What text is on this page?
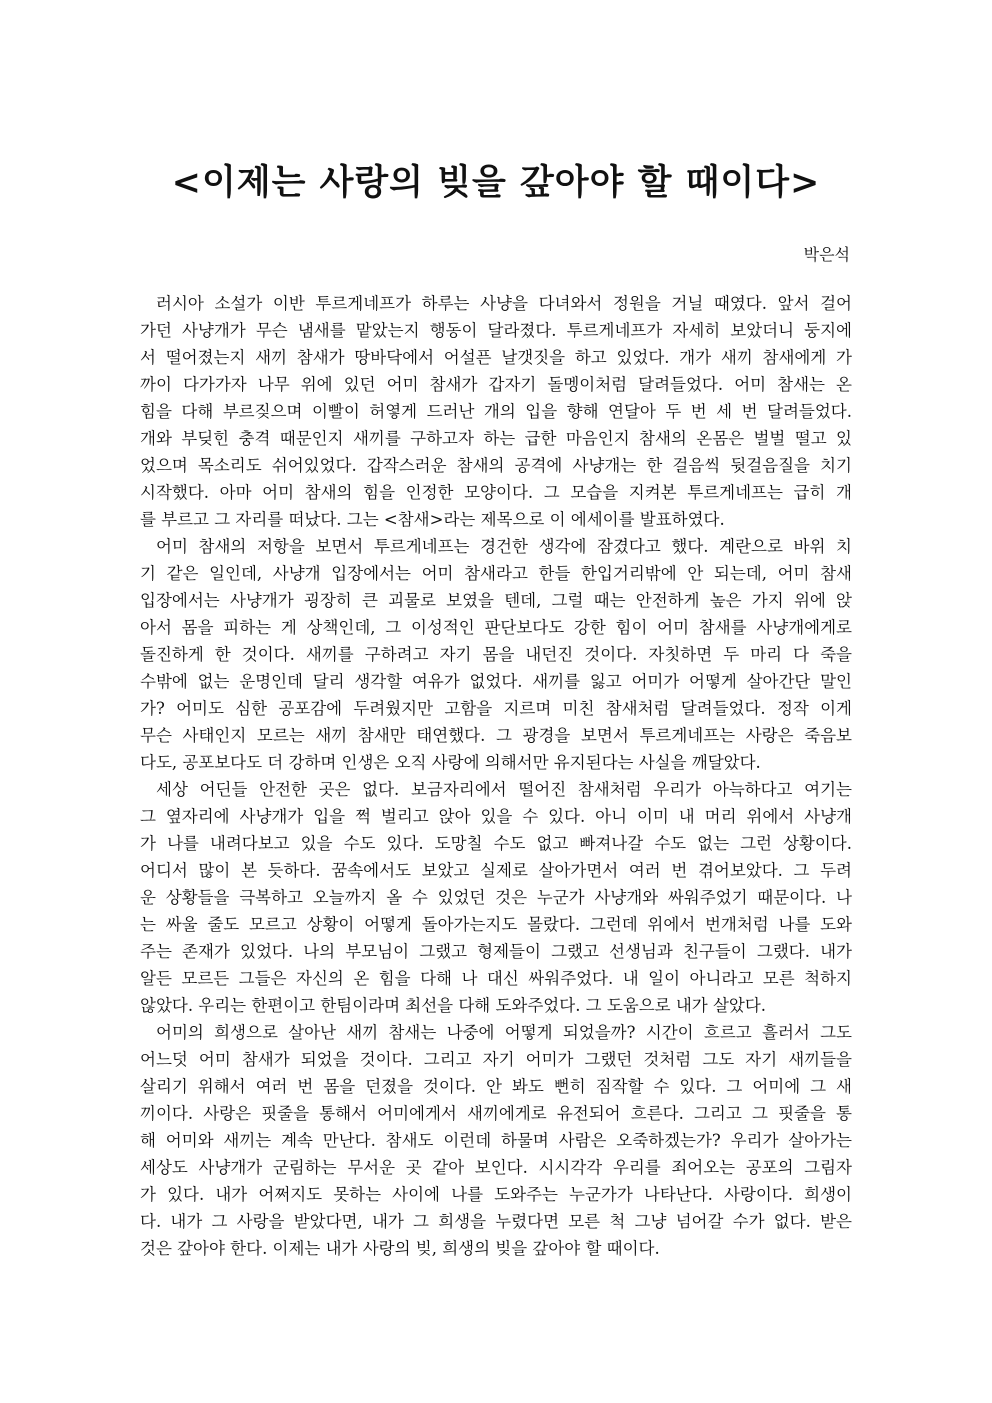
<이제는 사랑의 빚을 갚아야 할 때이다>
박은석
러시아 소설가 이반 투르게네프가 하루는 사냥을 다녀와서 정원을 거닐 때였다. 앞서 걸어
가던 사냥개가 무슨 냄새를 맡았는지 행동이 달라졌다. 투르게네프가 자세히 보았더니 둥지에
서 떨어졌는지 새끼 참새가 땅바닥에서 어설픈 날갯짓을 하고 있었다. 개가 새끼 참새에게 가
까이 다가가자 나무 위에 있던 어미 참새가 갑자기 돌멩이처럼 달려들었다. 어미 참새는 온
힘을 다해 부르짖으며 이빨이 허옇게 드러난 개의 입을 향해 연달아 두 번 세 번 달려들었다.
개와 부딪힌 충격 때문인지 새끼를 구하고자 하는 급한 마음인지 참새의 온몸은 벌벌 떨고 있
었으며 목소리도 쉬어있었다. 갑작스러운 참새의 공격에 사냥개는 한 걸음씩 뒷걸음질을 치기
시작했다. 아마 어미 참새의 힘을 인정한 모양이다. 그 모습을 지켜본 투르게네프는 급히 개
를 부르고 그 자리를 떠났다. 그는 <참새>라는 제목으로 이 에세이를 발표하였다.
어미 참새의 저항을 보면서 투르게네프는 경건한 생각에 잠겼다고 했다. 계란으로 바위 치
기 같은 일인데, 사냥개 입장에서는 어미 참새라고 한들 한입거리밖에 안 되는데, 어미 참새
입장에서는 사냥개가 굉장히 큰 괴물로 보였을 텐데, 그럴 때는 안전하게 높은 가지 위에 앉
아서 몸을 피하는 게 상책인데, 그 이성적인 판단보다도 강한 힘이 어미 참새를 사냥개에게로
돌진하게 한 것이다. 새끼를 구하려고 자기 몸을 내던진 것이다. 자칫하면 두 마리 다 죽을
수밖에 없는 운명인데 달리 생각할 여유가 없었다. 새끼를 잃고 어미가 어떻게 살아간단 말인
가? 어미도 심한 공포감에 두려웠지만 고함을 지르며 미친 참새처럼 달려들었다. 정작 이게
무슨 사태인지 모르는 새끼 참새만 태연했다. 그 광경을 보면서 투르게네프는 사랑은 죽음보
다도, 공포보다도 더 강하며 인생은 오직 사랑에 의해서만 유지된다는 사실을 깨달았다.
세상 어딘들 안전한 곳은 없다. 보금자리에서 떨어진 참새처럼 우리가 아늑하다고 여기는
그 옆자리에 사냥개가 입을 쩍 벌리고 앉아 있을 수 있다. 아니 이미 내 머리 위에서 사냥개
가 나를 내려다보고 있을 수도 있다. 도망칠 수도 없고 빠져나갈 수도 없는 그런 상황이다.
어디서 많이 본 듯하다. 꿈속에서도 보았고 실제로 살아가면서 여러 번 겪어보았다. 그 두려
운 상황들을 극복하고 오늘까지 올 수 있었던 것은 누군가 사냥개와 싸워주었기 때문이다. 나
는 싸울 줄도 모르고 상황이 어떻게 돌아가는지도 몰랐다. 그런데 위에서 번개처럼 나를 도와
주는 존재가 있었다. 나의 부모님이 그랬고 형제들이 그랬고 선생님과 친구들이 그랬다. 내가
알든 모르든 그들은 자신의 온 힘을 다해 나 대신 싸워주었다. 내 일이 아니라고 모른 척하지
않았다. 우리는 한편이고 한팀이라며 최선을 다해 도와주었다. 그 도움으로 내가 살았다.
어미의 희생으로 살아난 새끼 참새는 나중에 어떻게 되었을까? 시간이 흐르고 흘러서 그도
어느덧 어미 참새가 되었을 것이다. 그리고 자기 어미가 그랬던 것처럼 그도 자기 새끼들을
살리기 위해서 여러 번 몸을 던졌을 것이다. 안 봐도 뻔히 짐작할 수 있다. 그 어미에 그 새
끼이다. 사랑은 핏줄을 통해서 어미에게서 새끼에게로 유전되어 흐른다. 그리고 그 핏줄을 통
해 어미와 새끼는 계속 만난다. 참새도 이런데 하물며 사람은 오죽하겠는가? 우리가 살아가는
세상도 사냥개가 군림하는 무서운 곳 같아 보인다. 시시각각 우리를 죄어오는 공포의 그림자
가 있다. 내가 어쩌지도 못하는 사이에 나를 도와주는 누군가가 나타난다. 사랑이다. 희생이
다. 내가 그 사랑을 받았다면, 내가 그 희생을 누렸다면 모른 척 그냥 넘어갈 수가 없다. 받은
것은 갚아야 한다. 이제는 내가 사랑의 빚, 희생의 빚을 갚아야 할 때이다.
